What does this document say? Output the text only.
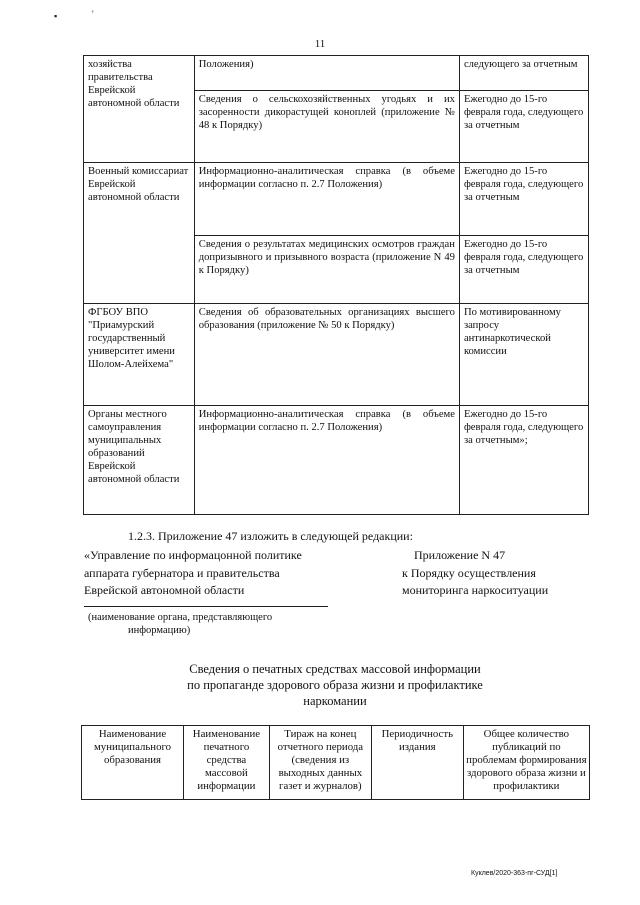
▪	'
11
хозяйства правительства Еврейской автономной области	Положения)	следующего за отчетным
	Сведения о сельскохозяйственных угодьях и их засоренности дикорастущей коноплей (приложение № 48 к Порядку)	Ежегодно до 15-го февраля года, следующего за отчетным
Военный комиссариат Еврейской автономной области	Информационно-аналитическая справка (в объеме информации согласно п. 2.7 Положения)	Ежегодно до 15-го февраля года, следующего за отчетным
	Сведения о результатах медицинских осмотров граждан допризывного и призывного возраста (приложение N 49 к Порядку)	Ежегодно до 15-го февраля года, следующего за отчетным
ФГБОУ ВПО "Приамурский государственный университет имени Шолом-Алейхема"	Сведения об образовательных организациях высшего образования (приложение № 50 к Порядку)	По мотивированному запросу антинаркотической комиссии
Органы местного самоуправления муниципальных образований Еврейской автономной области	Информационно-аналитическая справка (в объеме информации согласно п. 2.7 Положения)	Ежегодно до 15-го февраля года, следующего за отчетным»;
1.2.3. Приложение 47 изложить в следующей редакции:
«Управление по информацонной политике
аппарата губернатора и правительства
Еврейской автономной области
Приложение N 47
к Порядку осуществления
мониторинга наркоситуации
(наименование органа, представляющего
информацию)
Сведения о печатных средствах массовой информации
по пропаганде здорового образа жизни и профилактике
наркомании
Наименование муниципального образования	Наименование печатного средства массовой информации	Тираж на конец отчетного периода (сведения из выходных данных газет и журналов)	Периодичность издания	Общее количество публикаций по проблемам формирования здорового образа жизни и профилактики
Куклев/2020-363-пг-СУД[1]
